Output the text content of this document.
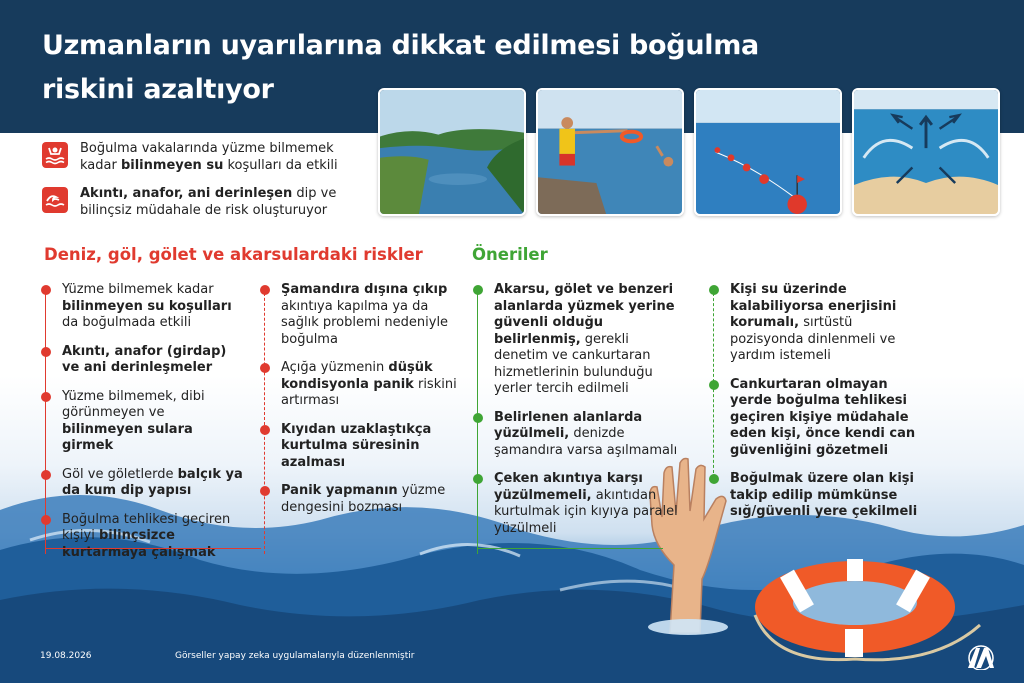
Uzmanların uyarılarına dikkat edilmesi boğulma
riskini azaltıyor
Boğulma vakalarında yüzme bilmemek kadar bilinmeyen su koşulları da etkili
Akıntı, anafor, ani derinleşen dip ve bilinçsiz müdahale de risk oluşturuyor
Deniz, göl, gölet ve akarsulardaki riskler
Yüzme bilmemek kadar bilinmeyen su koşulları da boğulmada etkili
Akıntı, anafor (girdap) ve ani derinleşmeler
Yüzme bilmemek, dibi görünmeyen ve bilinmeyen sulara girmek
Göl ve göletlerde balçık ya da kum dip yapısı
Boğulma tehlikesi geçiren kişiyi bilinçsizce kurtarmaya çalışmak
Şamandıra dışına çıkıp akıntıya kapılma ya da sağlık problemi nedeniyle boğulma
Açığa yüzmenin düşük kondisyonla panik riskini artırması
Kıyıdan uzaklaştıkça kurtulma süresinin azalması
Panik yapmanın yüzme dengesini bozması
Öneriler
Akarsu, gölet ve benzeri alanlarda yüzmek yerine güvenli olduğu belirlenmiş, gerekli denetim ve cankurtaran hizmetlerinin bulunduğu yerler tercih edilmeli
Belirlenen alanlarda yüzülmeli, denizde şamandıra varsa aşılmamalı
Çeken akıntıya karşı yüzülmemeli, akıntıdan kurtulmak için kıyıya paralel yüzülmeli
Kişi su üzerinde kalabiliyorsa enerjisini korumalı, sırtüstü pozisyonda dinlenmeli ve yardım istemeli
Cankurtaran olmayan yerde boğulma tehlikesi geçiren kişiye müdahale eden kişi, önce kendi can güvenliğini gözetmeli
Boğulmak üzere olan kişi takip edilip mümkünse sığ/güvenli yere çekilmeli
19.08.2026	Görseller yapay zeka uygulamalarıyla düzenlenmiştir
